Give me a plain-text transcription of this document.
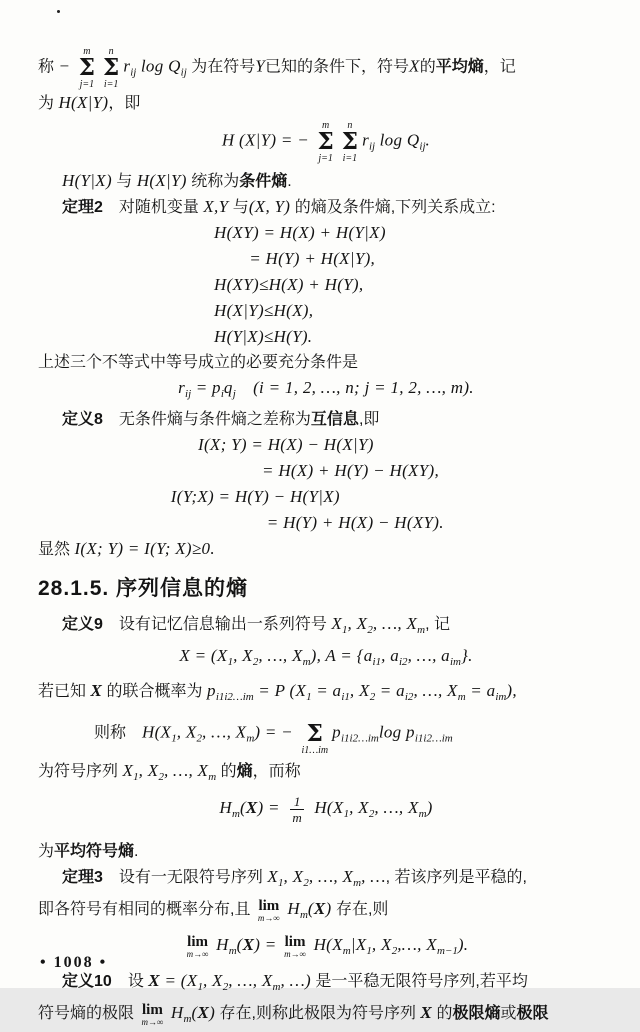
称 −
m
Σ
j=1
n
Σ
i=1
$r_{ij}$ $\log Q_{ij}$ 为在符号Y已知的条件下，符号X的平均熵，记
为 H(X|Y)，即
H (X|Y) = −
m
Σ
j=1
n
Σ
i=1
$r_{ij}$ $\log Q_{ij}$.
H(Y|X) 与 H(X|Y) 统称为条件熵.
定理2　对随机变量 X,Y 与(X, Y) 的熵及条件熵,下列关系成立:
H(XY) = H(X) + H(Y|X)
= H(Y) + H(X|Y),
H(XY)≤H(X) + H(Y),
H(X|Y)≤H(X),
H(Y|X)≤H(Y).
上述三个不等式中等号成立的必要充分条件是
$r_{ij} = p_iq_j$　(i = 1, 2, …, n; j = 1, 2, …, m).
定义8　无条件熵与条件熵之差称为互信息,即
I(X; Y) = H(X) − H(X|Y)
= H(X) + H(Y) − H(XY),
I(Y;X) = H(Y) − H(Y|X)
= H(Y) + H(X) − H(XY).
显然 I(X; Y) = I(Y; X)≥0.
28.1.5. 序列信息的熵
定义9　设有记忆信息输出一系列符号 $X_1$, $X_2$, …, $X_m$, 记
$X = (X_1$, $X_2$, …, $X_m$), $A = \{a_{i1}$, $a_{i2}$, …, $a_{im}$}.
若已知 X 的联合概率为 $p_{i1i2\dots im} = P$ ($X_1 = a_{i1}$, $X_2 = a_{i2}$, …, $X_m = a_{im}$),
则称　$H(X_1$, $X_2$, …, $X_m$) = − Σ
i1…im
$p_{i1i2\dots im}\log$ $p_{i1i2\dots im}$
为符号序列 $X_1$, $X_2$, …, $X_m$ 的熵，而称
$H_m(X) = \frac{1}{m} H(X_1$, $X_2$, …, $X_m$)
为平均符号熵.
定理3　设有一无限符号序列 $X_1$, $X_2$, …, $X_m$, …, 若该序列是平稳的,
即各符号有相同的概率分布,且 lim
m→∞ $H_m(X)$ 存在,则
lim
m→∞ $H_m(X) = \lim$
m→∞ $H(X_m|X_1$, $X_2,\dots$, $X_{m-1}$).
定义10　设 $X = (X_1$, $X_2$, …, $X_m$, …) 是一平稳无限符号序列,若平均
符号熵的极限 lim
m→∞ $H_m(X)$ 存在,则称此极限为符号序列 X 的极限熵或极限
• 1008 •
